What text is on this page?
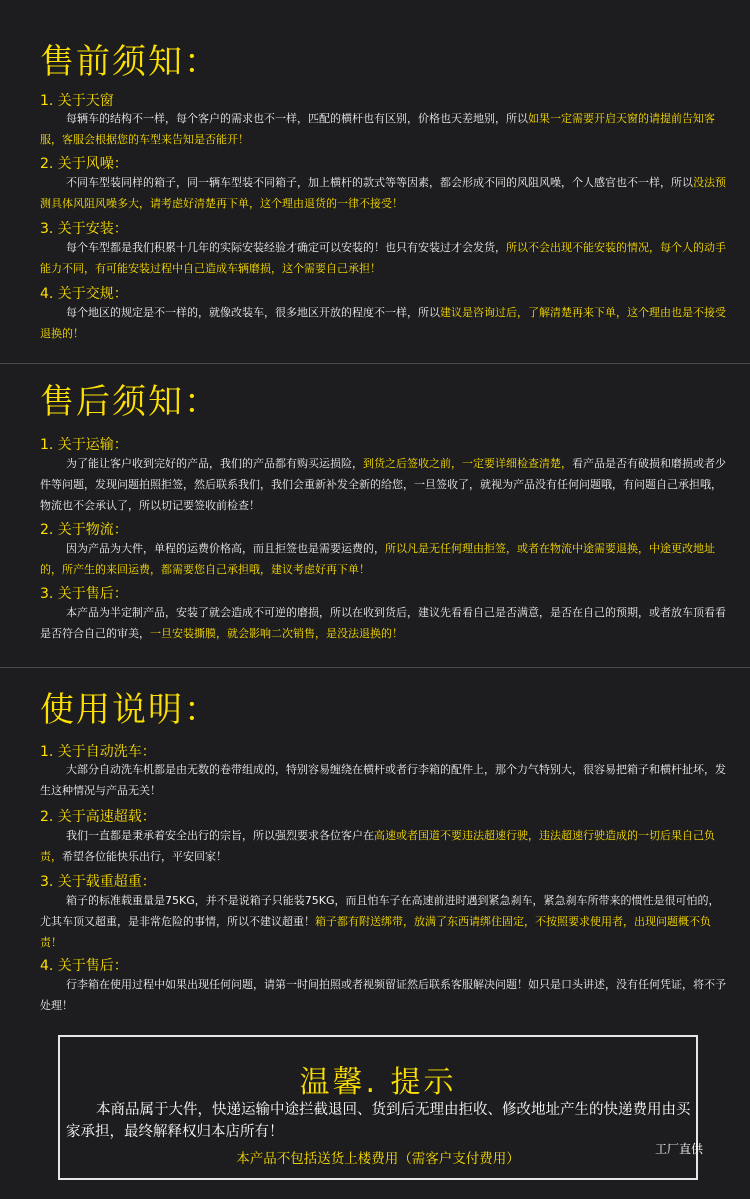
售前须知：
1. 关于天窗
每辆车的结构不一样，每个客户的需求也不一样，匹配的横杆也有区别，价格也天差地别，所以如果一定需要开启天窗的请提前告知客服，客服会根据您的车型来告知是否能开！
2. 关于风噪：
不同车型装同样的箱子，同一辆车型装不同箱子，加上横杆的款式等等因素，都会形成不同的风阻风噪，个人感官也不一样，所以没法预测具体风阻风噪多大，请考虑好清楚再下单，这个理由退货的一律不接受！
3. 关于安装：
每个车型都是我们积累十几年的实际安装经验才确定可以安装的！也只有安装过才会发货，所以不会出现不能安装的情况，每个人的动手能力不同，有可能安装过程中自己造成车辆磨损，这个需要自己承担！
4. 关于交规：
每个地区的规定是不一样的，就像改装车，很多地区开放的程度不一样，所以建议是咨询过后，了解清楚再来下单，这个理由也是不接受退换的！
售后须知：
1. 关于运输：
为了能让客户收到完好的产品，我们的产品都有购买运损险，到货之后签收之前，一定要详细检查清楚，看产品是否有破损和磨损或者少件等问题，发现问题拍照拒签，然后联系我们，我们会重新补发全新的给您，一旦签收了，就视为产品没有任何问题哦，有问题自己承担哦，物流也不会承认了，所以切记要签收前检查！
2. 关于物流：
因为产品为大件，单程的运费价格高，而且拒签也是需要运费的，所以凡是无任何理由拒签，或者在物流中途需要退换，中途更改地址的，所产生的来回运费，都需要您自己承担哦，建议考虑好再下单！
3. 关于售后：
本产品为半定制产品，安装了就会造成不可逆的磨损，所以在收到货后，建议先看看自己是否满意，是否在自己的预期，或者放车顶看看是否符合自己的审美，一旦安装撕膜，就会影响二次销售，是没法退换的！
使用说明：
1. 关于自动洗车：
大部分自动洗车机都是由无数的卷带组成的，特别容易缠绕在横杆或者行李箱的配件上，那个力气特别大，很容易把箱子和横杆扯坏，发生这种情况与产品无关！
2. 关于高速超载：
我们一直都是秉承着安全出行的宗旨，所以强烈要求各位客户在高速或者国道不要违法超速行驶，违法超速行驶造成的一切后果自己负责，希望各位能快乐出行，平安回家！
3. 关于载重超重：
箱子的标准载重量是75KG，并不是说箱子只能装75KG，而且怕车子在高速前进时遇到紧急刹车，紧急刹车所带来的惯性是很可怕的，尤其车顶又超重，是非常危险的事情，所以不建议超重！箱子都有附送绑带，放满了东西请绑住固定，不按照要求使用者，出现问题概不负责！
4. 关于售后：
行李箱在使用过程中如果出现任何问题，请第一时间拍照或者视频留证然后联系客服解决问题！如只是口头讲述，没有任何凭证，将不予处理！
温馨. 提示
本商品属于大件，快递运输中途拦截退回、货到后无理由拒收、修改地址产生的快递费用由买家承担，最终解释权归本店所有！
本产品不包括送货上楼费用（需客户支付费用）
工厂直供
